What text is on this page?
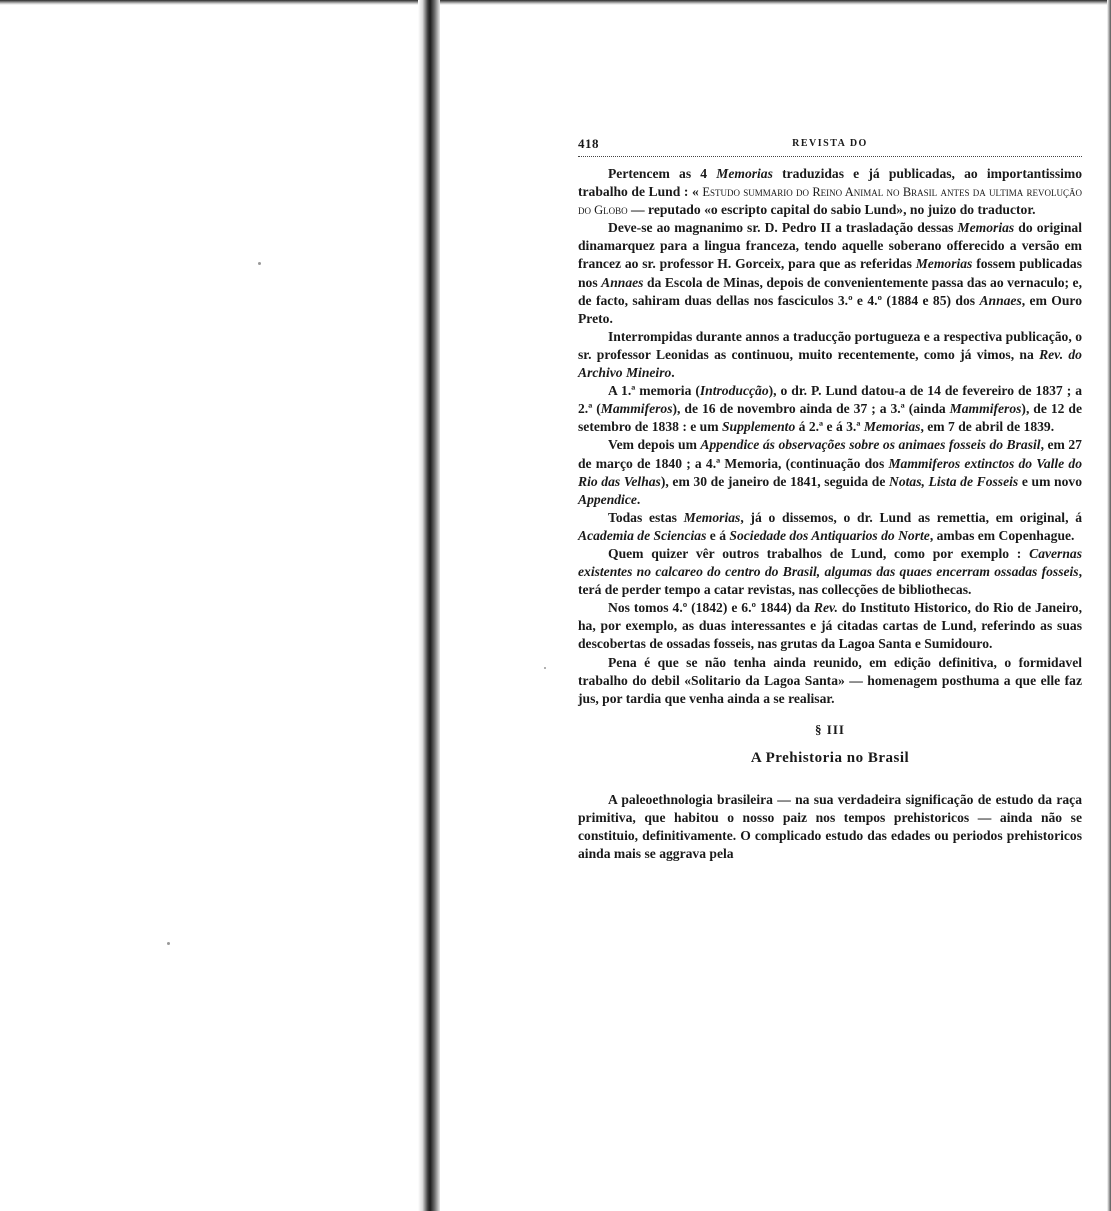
418	REVISTA DO

Pertencem as 4 Memorias traduzidas e já publicadas, ao importantissimo trabalho de Lund : « Estudo summario do Reino Animal no Brasil antes da ultima revolução do Globo — reputado «o escripto capital do sabio Lund», no juizo do traductor.

Deve-se ao magnanimo sr. D. Pedro II a trasladação dessas Memorias do original dinamarquez para a lingua franceza, tendo aquelle soberano offerecido a versão em francez ao sr. professor H. Gorceix, para que as referidas Memorias fossem publicadas nos Annaes da Escola de Minas, depois de convenientemente passa das ao vernaculo; e, de facto, sahiram duas dellas nos fasciculos 3.º e 4.º (1884 e 85) dos Annaes, em Ouro Preto.

Interrompidas durante annos a traducção portugueza e a respectiva publicação, o sr. professor Leonidas as continuou, muito recentemente, como já vimos, na Rev. do Archivo Mineiro.

A 1.ª memoria (Introducção), o dr. P. Lund datou-a de 14 de fevereiro de 1837 ; a 2.ª (Mammiferos), de 16 de novembro ainda de 37 ; a 3.ª (ainda Mammiferos), de 12 de setembro de 1838 : e um Supplemento á 2.ª e á 3.ª Memorias, em 7 de abril de 1839.

Vem depois um Appendice ás observações sobre os animaes fosseis do Brasil, em 27 de março de 1840 ; a 4.ª Memoria, (continuação dos Mammiferos extinctos do Valle do Rio das Velhas), em 30 de janeiro de 1841, seguida de Notas, Lista de Fosseis e um novo Appendice.

Todas estas Memorias, já o dissemos, o dr. Lund as remettia, em original, á Academia de Sciencias e á Sociedade dos Antiquarios do Norte, ambas em Copenhague.

Quem quizer vêr outros trabalhos de Lund, como por exemplo : Cavernas existentes no calcareo do centro do Brasil, algumas das quaes encerram ossadas fosseis, terá de perder tempo a catar revistas, nas collecções de bibliothecas.

Nos tomos 4.º (1842) e 6.º 1844) da Rev. do Instituto Historico, do Rio de Janeiro, ha, por exemplo, as duas interessantes e já citadas cartas de Lund, referindo as suas descobertas de ossadas fosseis, nas grutas da Lagoa Santa e Sumidouro.

Pena é que se não tenha ainda reunido, em edição definitiva, o formidavel trabalho do debil «Solitario da Lagoa Santa» — homenagem posthuma a que elle faz jus, por tardia que venha ainda a se realisar.

§ III
A Prehistoria no Brasil

A paleoethnologia brasileira — na sua verdadeira significação de estudo da raça primitiva, que habitou o nosso paiz nos tempos prehistoricos — ainda não se constituio, definitivamente. O complicado estudo das edades ou periodos prehistoricos ainda mais se aggrava pela
